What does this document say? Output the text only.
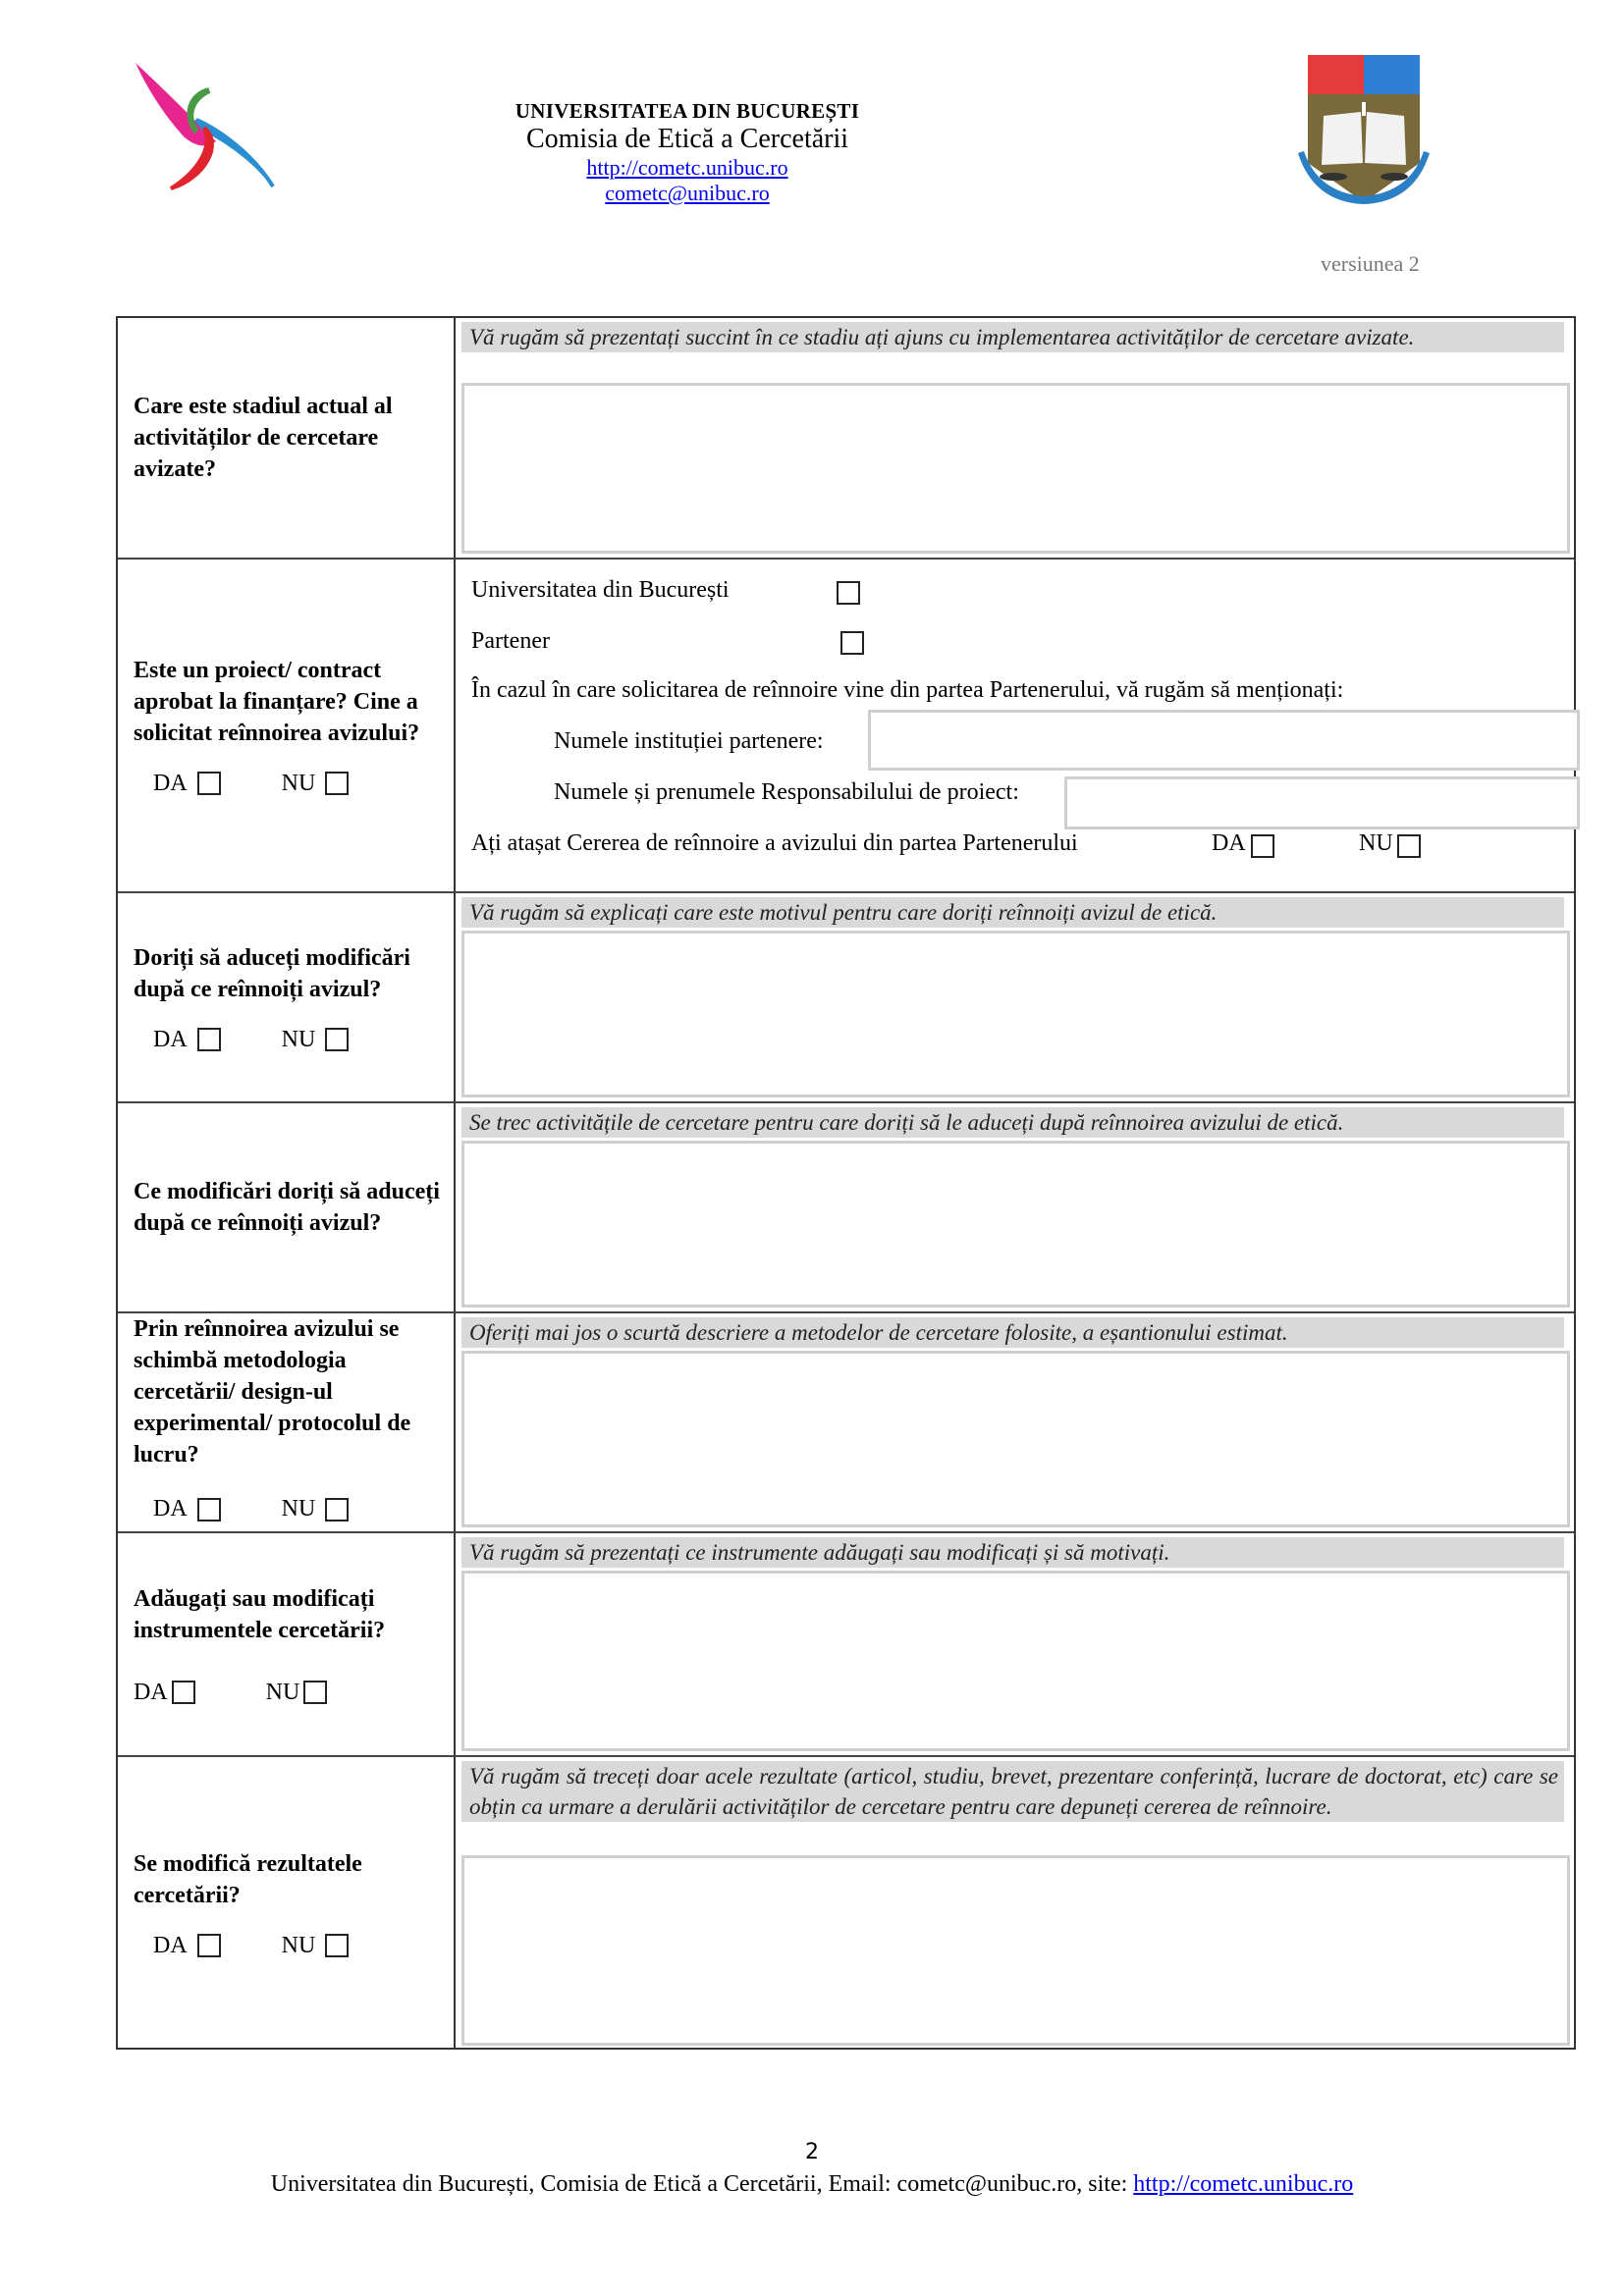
UNIVERSITATEA DIN BUCUREȘTI
Comisia de Etică a Cercetării
http://cometc.unibuc.ro
cometc@unibuc.ro
versiunea 2
Care este stadiul actual al activităților de cercetare avizate?
Vă rugăm să prezentați succint în ce stadiu ați ajuns cu implementarea activităților de cercetare avizate.
Este un proiect/ contract aprobat la finanțare? Cine a solicitat reînnoirea avizului?
DA	NU
Universitatea din București
Partener
În cazul în care solicitarea de reînnoire vine din partea Partenerului, vă rugăm să menționați:
Numele instituției partenere:
Numele și prenumele Responsabilului de proiect:
Ați atașat Cererea de reînnoire a avizului din partea Partenerului	DA	NU
Doriți să aduceți modificări după ce reînnoiți avizul?
DA	NU
Vă rugăm să explicați care este motivul pentru care doriți reînnoiți avizul de etică.
Ce modificări doriți să aduceți după ce reînnoiți avizul?
Se trec activitățile de cercetare pentru care doriți să le aduceți după reînnoirea avizului de etică.
Prin reînnoirea avizului se schimbă metodologia cercetării/ design-ul experimental/ protocolul de lucru?
DA	NU
Oferiți mai jos o scurtă descriere a metodelor de cercetare folosite, a eșantionului estimat.
Adăugați sau modificați instrumentele cercetării?
DA	NU
Vă rugăm să prezentați ce instrumente adăugați sau modificați și să motivați.
Se modifică rezultatele cercetării?
DA	NU
Vă rugăm să treceți doar acele rezultate (articol, studiu, brevet, prezentare conferință, lucrare de doctorat, etc) care se obțin ca urmare a derulării activităților de cercetare pentru care depuneți cererea de reînnoire.
2
Universitatea din București, Comisia de Etică a Cercetării, Email: cometc@unibuc.ro, site: http://cometc.unibuc.ro
